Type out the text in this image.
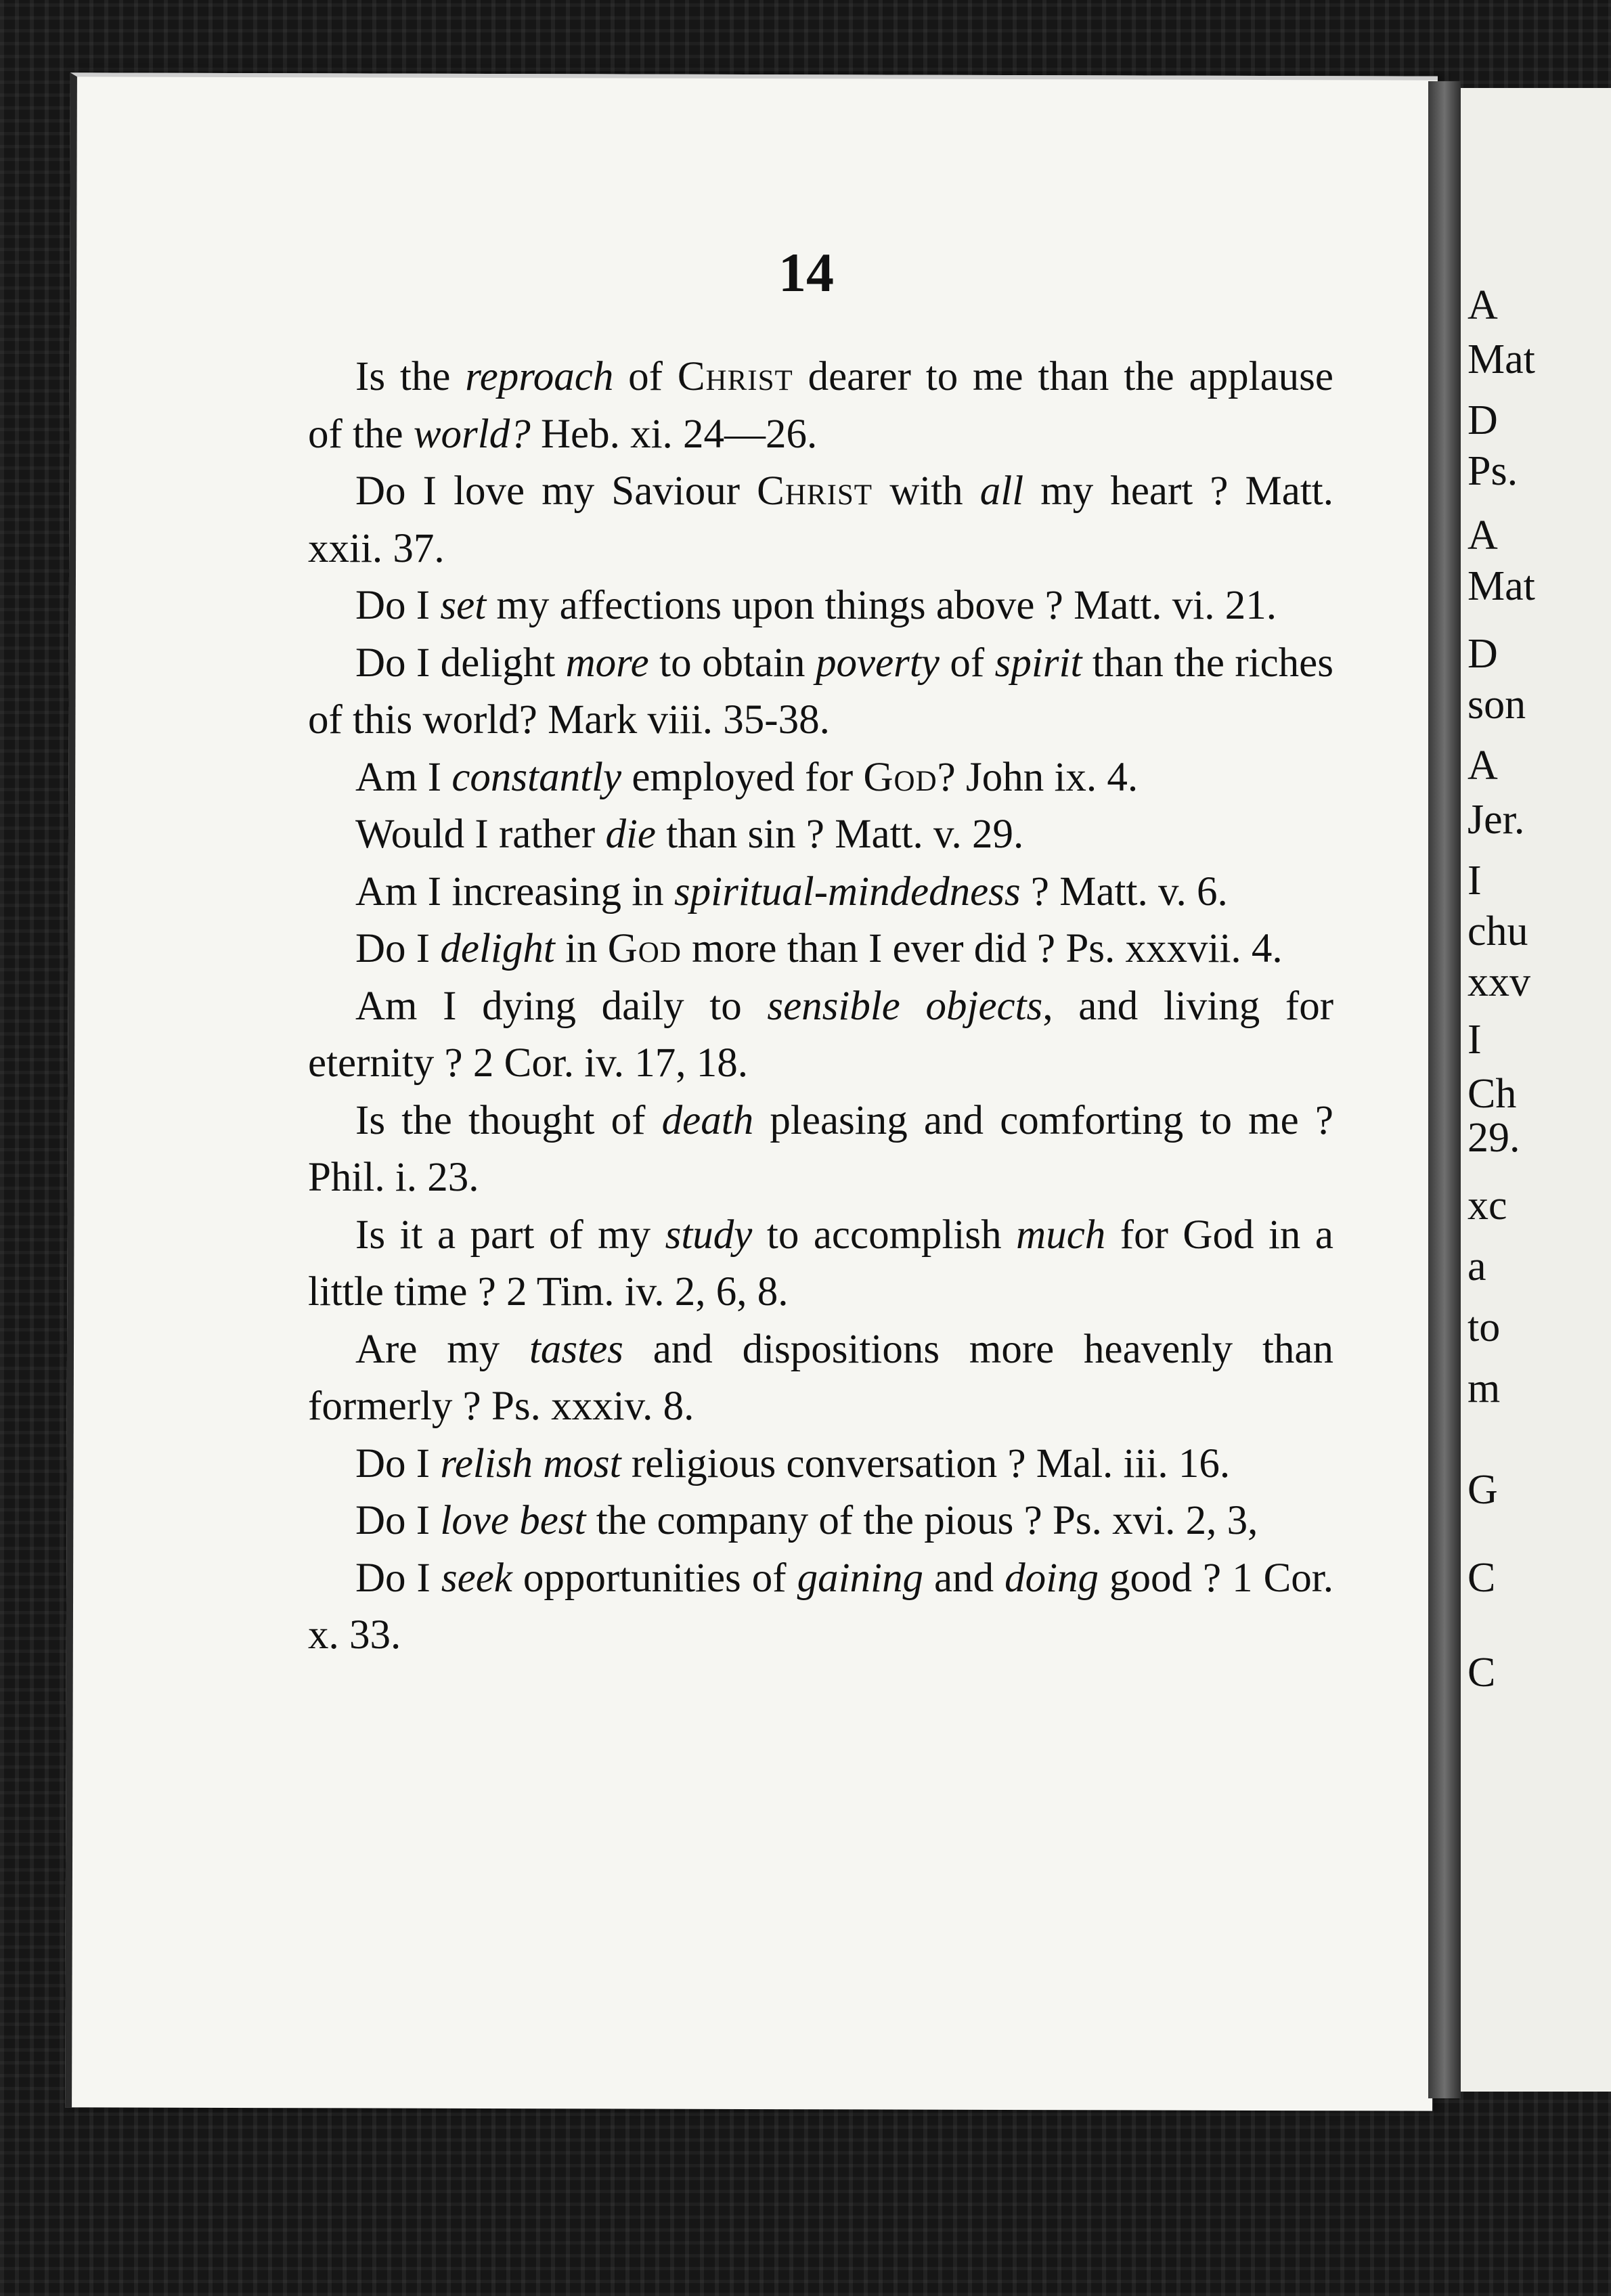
14

Is the reproach of Christ dearer to me than the applause of the world? Heb. xi. 24—26.

Do I love my Saviour Christ with all my heart ? Matt. xxii. 37.

Do I set my affections upon things above ? Matt. vi. 21.

Do I delight more to obtain poverty of spirit than the riches of this world? Mark viii. 35-38.

Am I constantly employed for God? John ix. 4.

Would I rather die than sin ? Matt. v. 29.

Am I increasing in spiritual-mindedness ? Matt. v. 6.

Do I delight in God more than I ever did ? Ps. xxxvii. 4.

Am I dying daily to sensible objects, and living for eternity ? 2 Cor. iv. 17, 18.

Is the thought of death pleasing and comforting to me ? Phil. i. 23.

Is it a part of my study to accomplish much for God in a little time ? 2 Tim. iv. 2, 6, 8.

Are my tastes and dispositions more heavenly than formerly ? Ps. xxxiv. 8.

Do I relish most religious conversation ? Mal. iii. 16.

Do I love best the company of the pious ? Ps. xvi. 2, 3,

Do I seek opportunities of gaining and doing good ? 1 Cor. x. 33.

A
Mat
D
Ps.
A
Mat
D
son
A
Jer.
I
chu
xxv
I
Ch
29.
xc
a
to
m
G
C
C
